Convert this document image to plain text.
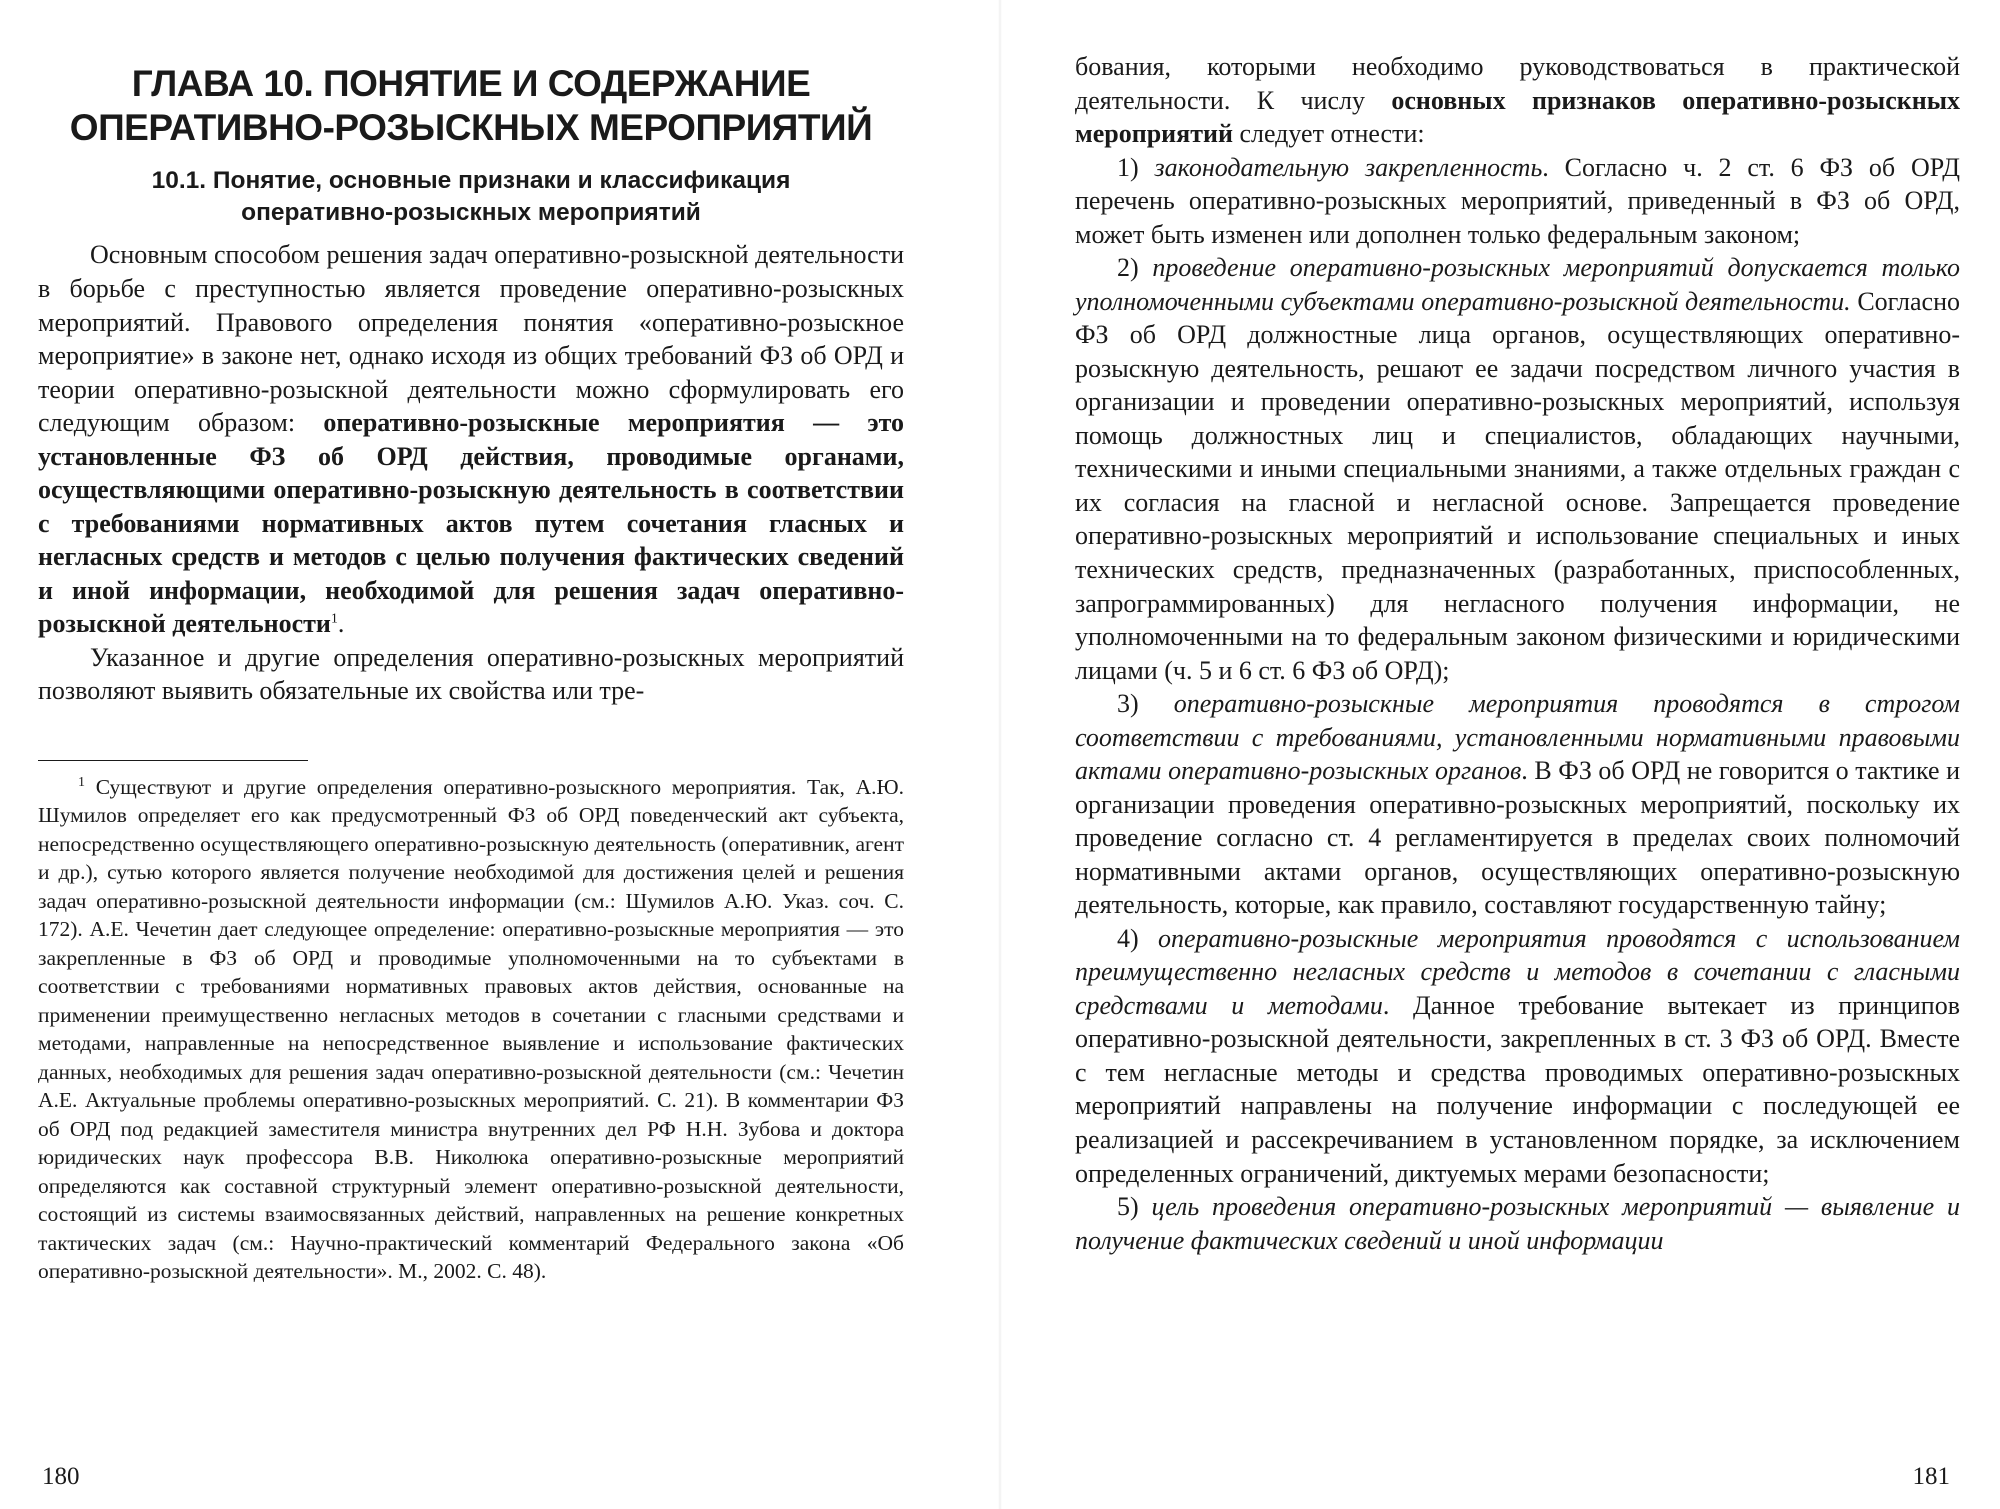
ГЛАВА 10. ПОНЯТИЕ И СОДЕРЖАНИЕ
ОПЕРАТИВНО-РОЗЫСКНЫХ МЕРОПРИЯТИЙ
10.1. Понятие, основные признаки и классификация
оперативно-розыскных мероприятий

Основным способом решения задач оперативно-розыскной деятельности в борьбе с преступностью является проведение оперативно-розыскных мероприятий. Правового определения понятия «оперативно-розыскное мероприятие» в законе нет, однако исходя из общих требований ФЗ об ОРД и теории оперативно-розыскной деятельности можно сформулировать его следующим образом: оперативно-розыскные мероприятия — это установленные ФЗ об ОРД действия, проводимые органами, осуществляющими оперативно-розыскную деятельность в соответствии с требованиями нормативных актов путем сочетания гласных и негласных средств и методов с целью получения фактических сведений и иной информации, необходимой для решения задач оперативно-розыскной деятельности$^1$.

Указанное и другие определения оперативно-розыскных мероприятий позволяют выявить обязательные их свойства или тре-

$^1$ Существуют и другие определения оперативно-розыскного мероприятия. Так, А.Ю. Шумилов определяет его как предусмотренный ФЗ об ОРД поведенческий акт субъекта, непосредственно осуществляющего оперативно-розыскную деятельность (оперативник, агент и др.), сутью которого является получение необходимой для достижения целей и решения задач оперативно-розыскной деятельности информации (см.: Шумилов А.Ю. Указ. соч. С. 172). А.Е. Чечетин дает следующее определение: оперативно-розыскные мероприятия — это закрепленные в ФЗ об ОРД и проводимые уполномоченными на то субъектами в соответствии с требованиями нормативных правовых актов действия, основанные на применении преимущественно негласных методов в сочетании с гласными средствами и методами, направленные на непосредственное выявление и использование фактических данных, необходимых для решения задач оперативно-розыскной деятельности (см.: Чечетин А.Е. Актуальные проблемы оперативно-розыскных мероприятий. С. 21). В комментарии ФЗ об ОРД под редакцией заместителя министра внутренних дел РФ Н.Н. Зубова и доктора юридических наук профессора В.В. Николюка оперативно-розыскные мероприятий определяются как составной структурный элемент оперативно-розыскной деятельности, состоящий из системы взаимосвязанных действий, направленных на решение конкретных тактических задач (см.: Научно-практический комментарий Федерального закона «Об оперативно-розыскной деятельности». М., 2002. С. 48).

180

бования, которыми необходимо руководствоваться в практической деятельности. К числу основных признаков оперативно-розыскных мероприятий следует отнести:

1) законодательную закрепленность. Согласно ч. 2 ст. 6 ФЗ об ОРД перечень оперативно-розыскных мероприятий, приведенный в ФЗ об ОРД, может быть изменен или дополнен только федеральным законом;

2) проведение оперативно-розыскных мероприятий допускается только уполномоченными субъектами оперативно-розыскной деятельности. Согласно ФЗ об ОРД должностные лица органов, осуществляющих оперативно-розыскную деятельность, решают ее задачи посредством личного участия в организации и проведении оперативно-розыскных мероприятий, используя помощь должностных лиц и специалистов, обладающих научными, техническими и иными специальными знаниями, а также отдельных граждан с их согласия на гласной и негласной основе. Запрещается проведение оперативно-розыскных мероприятий и использование специальных и иных технических средств, предназначенных (разработанных, приспособленных, запрограммированных) для негласного получения информации, не уполномоченными на то федеральным законом физическими и юридическими лицами (ч. 5 и 6 ст. 6 ФЗ об ОРД);

3) оперативно-розыскные мероприятия проводятся в строгом соответствии с требованиями, установленными нормативными правовыми актами оперативно-розыскных органов. В ФЗ об ОРД не говорится о тактике и организации проведения оперативно-розыскных мероприятий, поскольку их проведение согласно ст. 4 регламентируется в пределах своих полномочий нормативными актами органов, осуществляющих оперативно-розыскную деятельность, которые, как правило, составляют государственную тайну;

4) оперативно-розыскные мероприятия проводятся с использованием преимущественно негласных средств и методов в сочетании с гласными средствами и методами. Данное требование вытекает из принципов оперативно-розыскной деятельности, закрепленных в ст. 3 ФЗ об ОРД. Вместе с тем негласные методы и средства проводимых оперативно-розыскных мероприятий направлены на получение информации с последующей ее реализацией и рассекречиванием в установленном порядке, за исключением определенных ограничений, диктуемых мерами безопасности;

5) цель проведения оперативно-розыскных мероприятий — выявление и получение фактических сведений и иной информации

181
